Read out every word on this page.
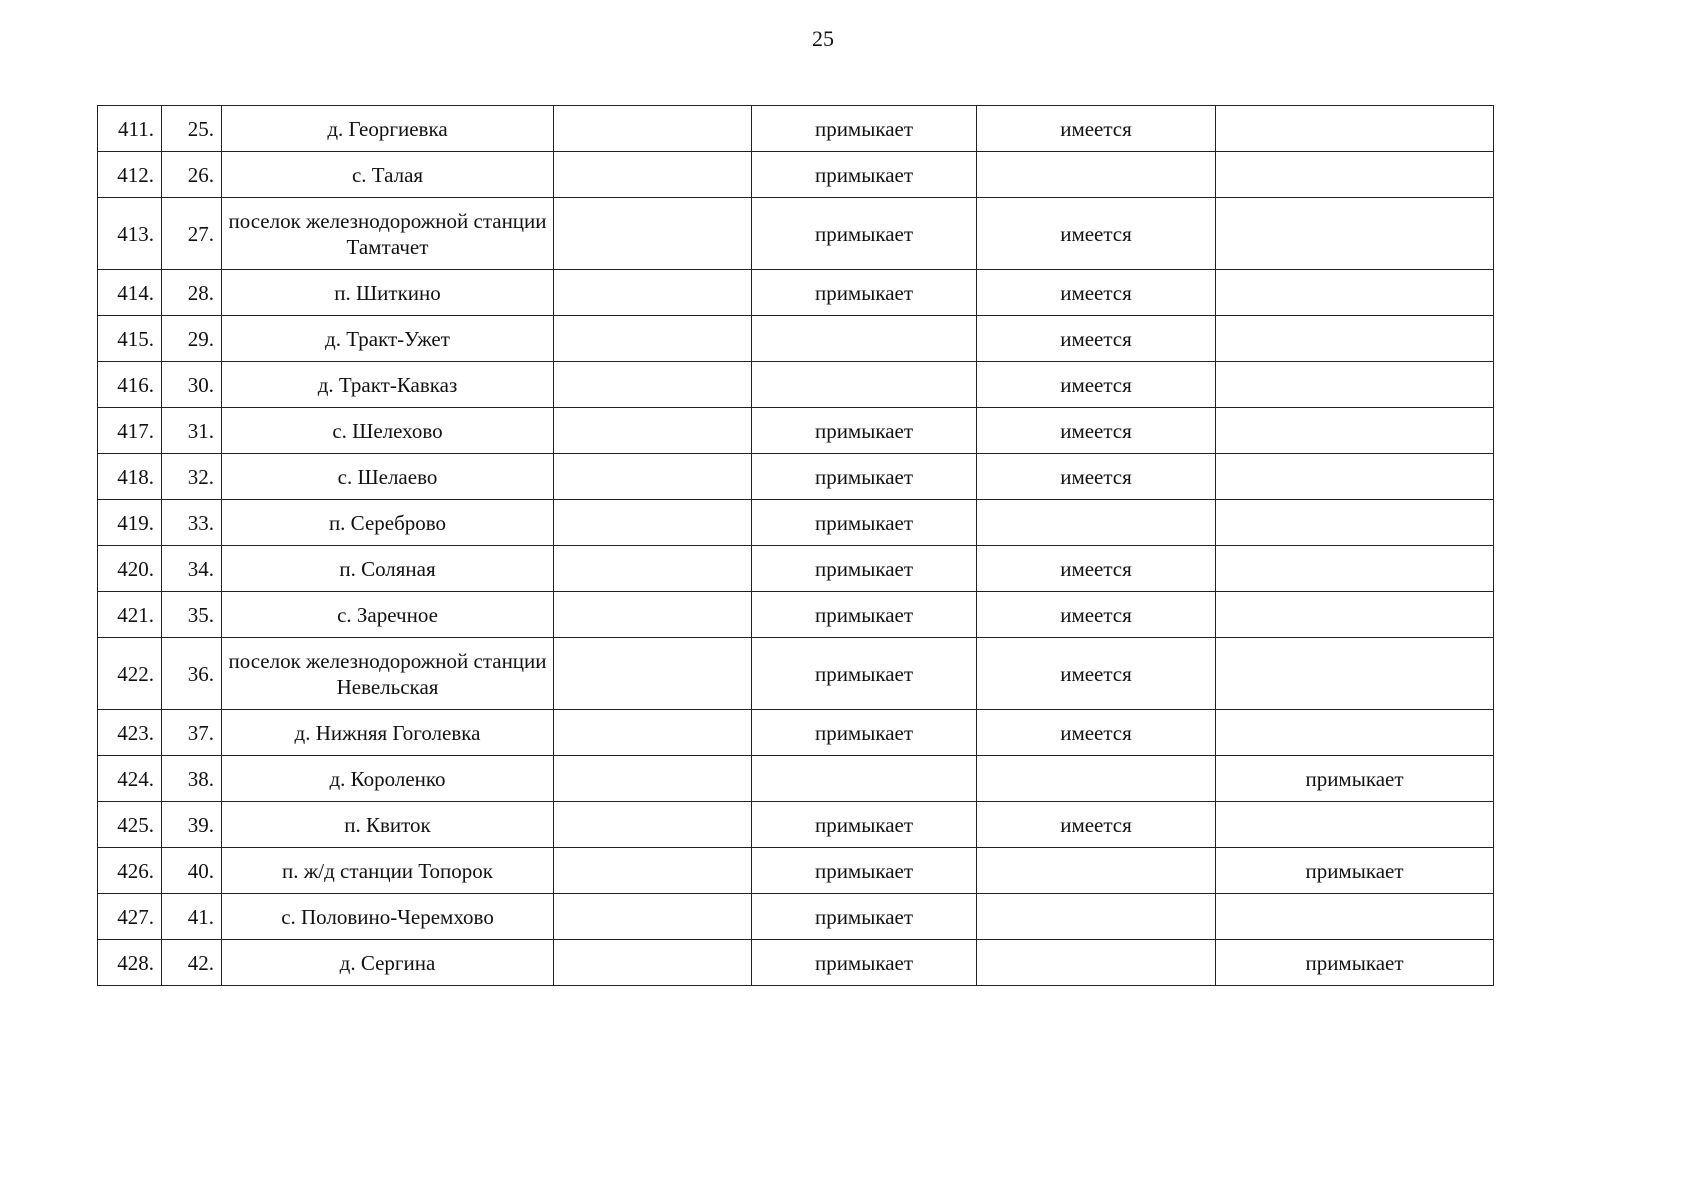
25
411.	25.	д. Георгиевка		примыкает	имеется	
412.	26.	с. Талая		примыкает		
413.	27.	поселок железнодорожной станции Тамтачет		примыкает	имеется	
414.	28.	п. Шиткино		примыкает	имеется	
415.	29.	д. Тракт-Ужет			имеется	
416.	30.	д. Тракт-Кавказ			имеется	
417.	31.	с. Шелехово		примыкает	имеется	
418.	32.	с. Шелаево		примыкает	имеется	
419.	33.	п. Сереброво		примыкает		
420.	34.	п. Соляная		примыкает	имеется	
421.	35.	с. Заречное		примыкает	имеется	
422.	36.	поселок железнодорожной станции Невельская		примыкает	имеется	
423.	37.	д. Нижняя Гоголевка		примыкает	имеется	
424.	38.	д. Короленко				примыкает
425.	39.	п. Квиток		примыкает	имеется	
426.	40.	п. ж/д станции Топорок		примыкает		примыкает
427.	41.	с. Половино-Черемхово		примыкает		
428.	42.	д. Сергина		примыкает		примыкает
